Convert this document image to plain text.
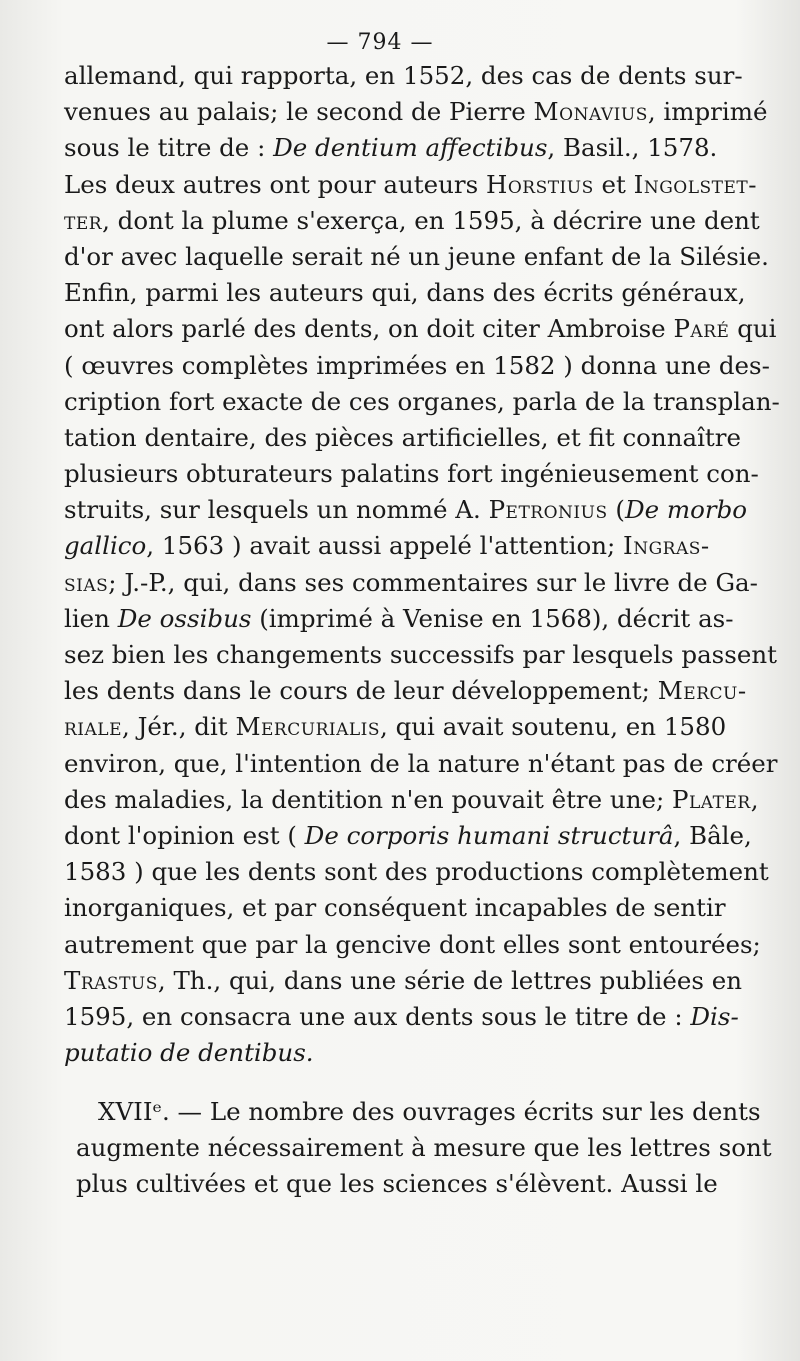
— 794 —
allemand, qui rapporta, en 1552, des cas de dents sur-
venues au palais; le second de Pierre Monavius, imprimé
sous le titre de : De dentium affectibus, Basil., 1578.
Les deux autres ont pour auteurs Horstius et Ingolstet-
ter, dont la plume s'exerça, en 1595, à décrire une dent
d'or avec laquelle serait né un jeune enfant de la Silésie.
Enfin, parmi les auteurs qui, dans des écrits généraux,
ont alors parlé des dents, on doit citer Ambroise Paré qui
( œuvres complètes imprimées en 1582 ) donna une des-
cription fort exacte de ces organes, parla de la transplan-
tation dentaire, des pièces artificielles, et fit connaître
plusieurs obturateurs palatins fort ingénieusement con-
struits, sur lesquels un nommé A. Petronius (De morbo
gallico, 1563 ) avait aussi appelé l'attention; Ingras-
sias; J.-P., qui, dans ses commentaires sur le livre de Ga-
lien De ossibus (imprimé à Venise en 1568), décrit as-
sez bien les changements successifs par lesquels passent
les dents dans le cours de leur développement; Mercu-
riale, Jér., dit Mercurialis, qui avait soutenu, en 1580
environ, que, l'intention de la nature n'étant pas de créer
des maladies, la dentition n'en pouvait être une; Plater,
dont l'opinion est ( De corporis humani structurâ, Bâle,
1583 ) que les dents sont des productions complètement
inorganiques, et par conséquent incapables de sentir
autrement que par la gencive dont elles sont entourées;
Trastus, Th., qui, dans une série de lettres publiées en
1595, en consacra une aux dents sous le titre de : Dis-
putatio de dentibus.
XVIIᵉ. — Le nombre des ouvrages écrits sur les dents
augmente nécessairement à mesure que les lettres sont
plus cultivées et que les sciences s'élèvent. Aussi le
